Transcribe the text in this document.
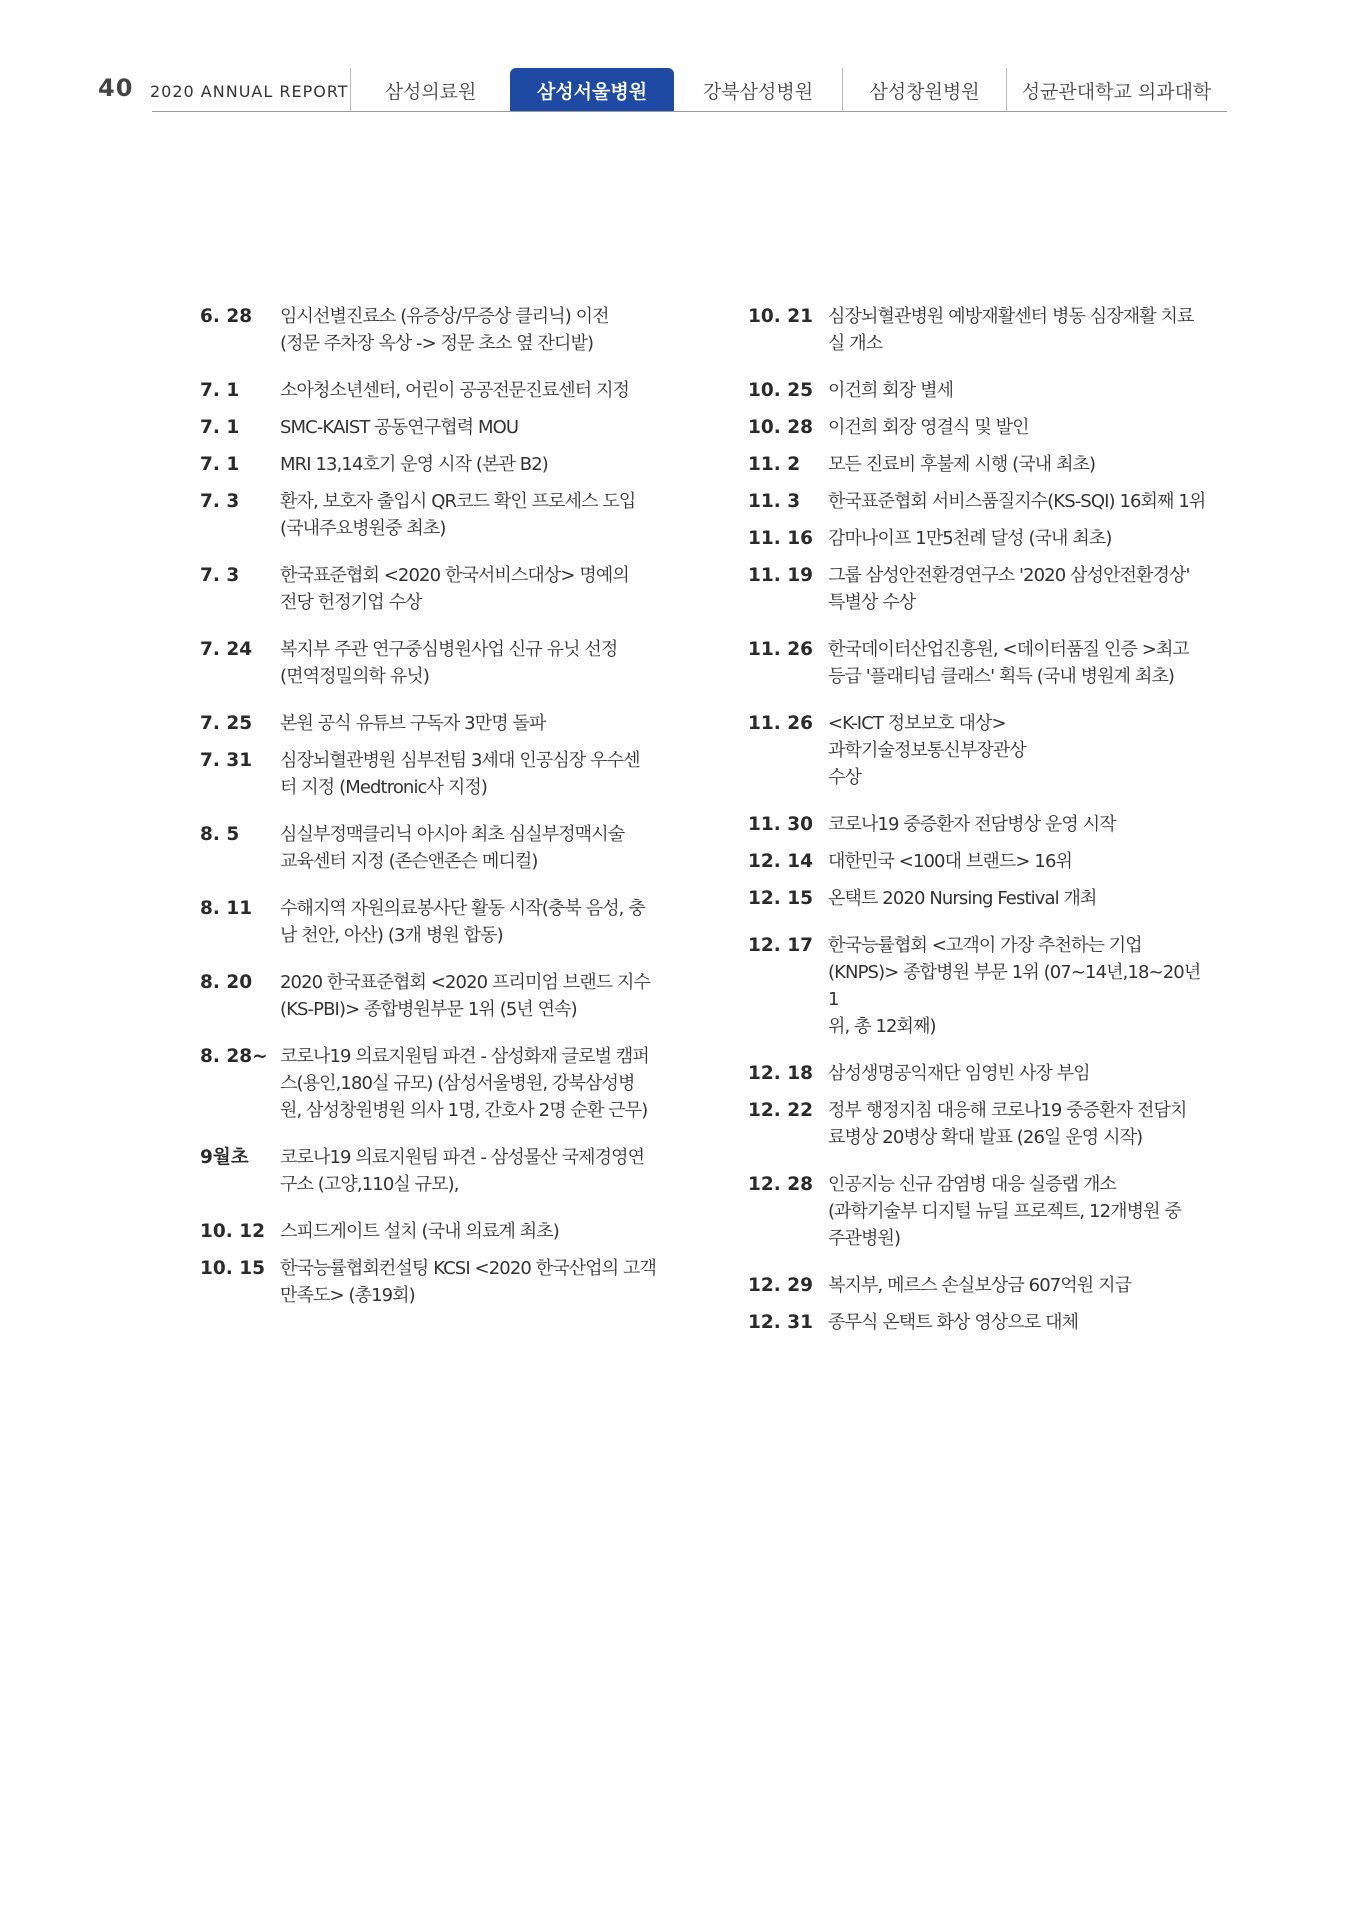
40 2020 ANNUAL REPORT	삼성의료원	삼성서울병원	강북삼성병원	삼성창원병원	성균관대학교 의과대학
6. 28	임시선별진료소 (유증상/무증상 클리닉) 이전
(정문 주차장 옥상 -> 정문 초소 옆 잔디밭)
7. 1	소아청소년센터, 어린이 공공전문진료센터 지정
7. 1	SMC-KAIST 공동연구협력 MOU
7. 1	MRI 13,14호기 운영 시작 (본관 B2)
7. 3	환자, 보호자 출입시 QR코드 확인 프로세스 도입
(국내주요병원중 최초)
7. 3	한국표준협회 <2020 한국서비스대상> 명예의
전당 헌정기업 수상
7. 24	복지부 주관 연구중심병원사업 신규 유닛 선정
(면역정밀의학 유닛)
7. 25	본원 공식 유튜브 구독자 3만명 돌파
7. 31	심장뇌혈관병원 심부전팀 3세대 인공심장 우수센
터 지정 (Medtronic사 지정)
8. 5	심실부정맥클리닉 아시아 최초 심실부정맥시술
교육센터 지정 (존슨앤존슨 메디컬)
8. 11	수해지역 자원의료봉사단 활동 시작(충북 음성, 충
남 천안, 아산) (3개 병원 합동)
8. 20	2020 한국표준협회 <2020 프리미엄 브랜드 지수
(KS-PBI)> 종합병원부문 1위 (5년 연속)
8. 28~ 코로나19 의료지원팀 파견 - 삼성화재 글로벌 캠퍼
스(용인,180실 규모) (삼성서울병원, 강북삼성병
원, 삼성창원병원 의사 1명, 간호사 2명 순환 근무)
9월초	코로나19 의료지원팀 파견 - 삼성물산 국제경영연
구소 (고양,110실 규모),
10. 12 스피드게이트 설치 (국내 의료계 최초)
10. 15 한국능률협회컨설팅 KCSI <2020 한국산업의 고객
만족도> (총19회)
10. 21 심장뇌혈관병원 예방재활센터 병동 심장재활 치료
실 개소
10. 25 이건희 회장 별세
10. 28 이건희 회장 영결식 및 발인
11. 2	모든 진료비 후불제 시행 (국내 최초)
11. 3	한국표준협회 서비스품질지수(KS-SQI) 16회째 1위
11. 16 감마나이프 1만5천례 달성 (국내 최초)
11. 19 그룹 삼성안전환경연구소 '2020 삼성안전환경상'
특별상 수상
11. 26 한국데이터산업진흥원, <데이터품질 인증 >최고
등급 '플래티넘 클래스' 획득 (국내 병원계 최초)
11. 26 <K-ICT 정보보호 대상> 과학기술정보통신부장관상
수상
11. 30 코로나19 중증환자 전담병상 운영 시작
12. 14 대한민국 <100대 브랜드> 16위
12. 15 온택트 2020 Nursing Festival 개최
12. 17 한국능률협회 <고객이 가장 추천하는 기업
(KNPS)> 종합병원 부문 1위 (07~14년,18~20년 1
위, 총 12회째)
12. 18 삼성생명공익재단 임영빈 사장 부임
12. 22 정부 행정지침 대응해 코로나19 중증환자 전담치
료병상 20병상 확대 발표 (26일 운영 시작)
12. 28 인공지능 신규 감염병 대응 실증랩 개소
(과학기술부 디지털 뉴딜 프로젝트, 12개병원 중
주관병원)
12. 29 복지부, 메르스 손실보상금 607억원 지급
12. 31 종무식 온택트 화상 영상으로 대체
